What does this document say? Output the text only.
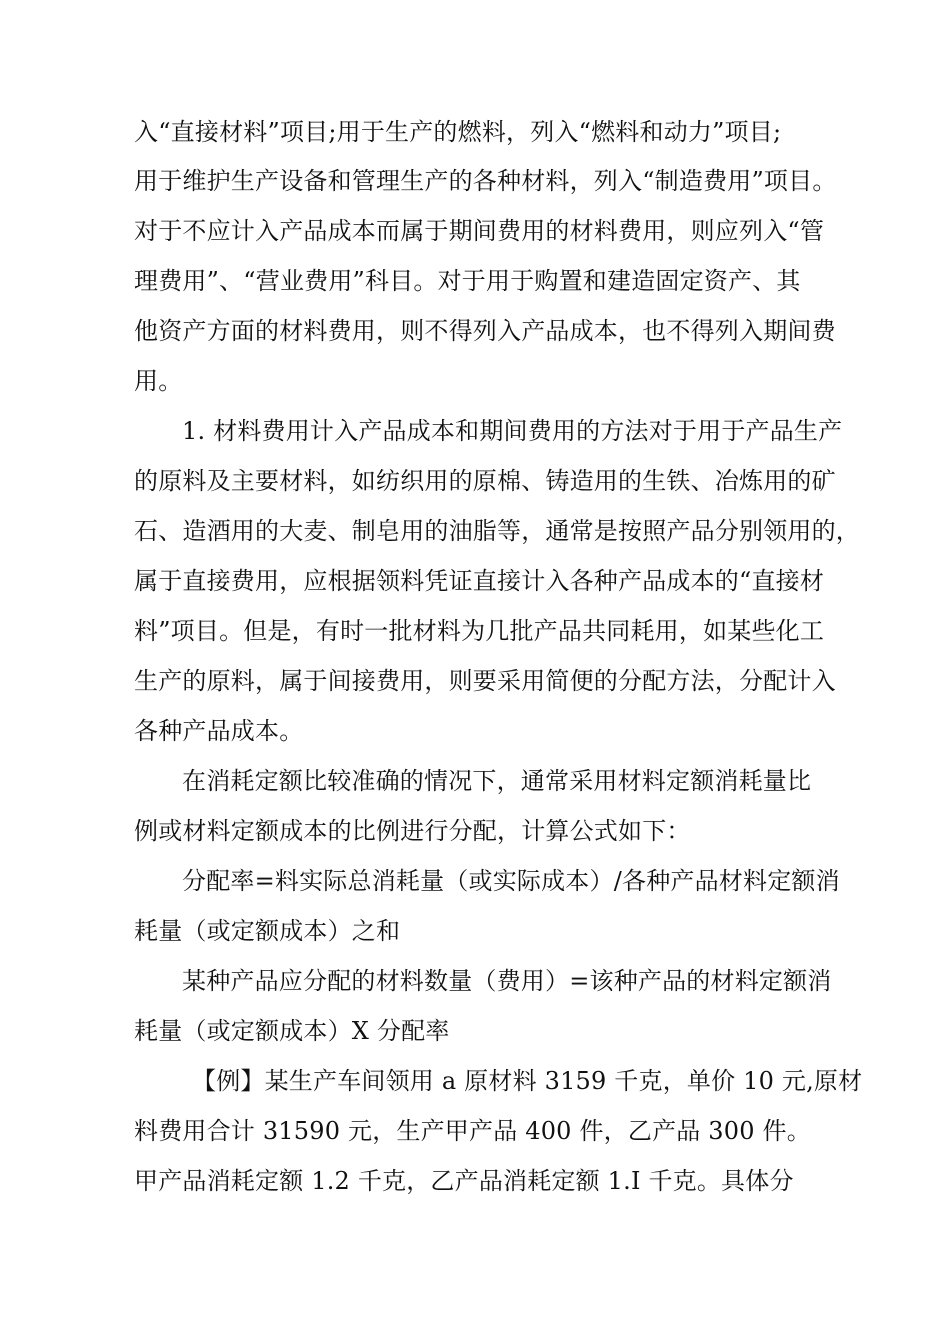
入“直接材料”项目;用于生产的燃料，列入“燃料和动力”项目;
用于维护生产设备和管理生产的各种材料，列入“制造费用”项目。
对于不应计入产品成本而属于期间费用的材料费用，则应列入“管
理费用”、“营业费用”科目。对于用于购置和建造固定资产、其
他资产方面的材料费用，则不得列入产品成本，也不得列入期间费
用。
1. 材料费用计入产品成本和期间费用的方法对于用于产品生产
的原料及主要材料，如纺织用的原棉、铸造用的生铁、冶炼用的矿
石、造酒用的大麦、制皂用的油脂等，通常是按照产品分别领用的，
属于直接费用，应根据领料凭证直接计入各种产品成本的“直接材
料”项目。但是，有时一批材料为几批产品共同耗用，如某些化工
生产的原料，属于间接费用，则要采用简便的分配方法，分配计入
各种产品成本。
在消耗定额比较准确的情况下，通常采用材料定额消耗量比
例或材料定额成本的比例进行分配，计算公式如下：
分配率=料实际总消耗量（或实际成本）/各种产品材料定额消
耗量（或定额成本）之和
某种产品应分配的材料数量（费用）=该种产品的材料定额消
耗量（或定额成本）X 分配率
【例】某生产车间领用 a 原材料 3159 千克，单价 10 元,原材
料费用合计 31590 元，生产甲产品 400 件，乙产品 300 件。
甲产品消耗定额 1.2 千克，乙产品消耗定额 1.I 千克。具体分
